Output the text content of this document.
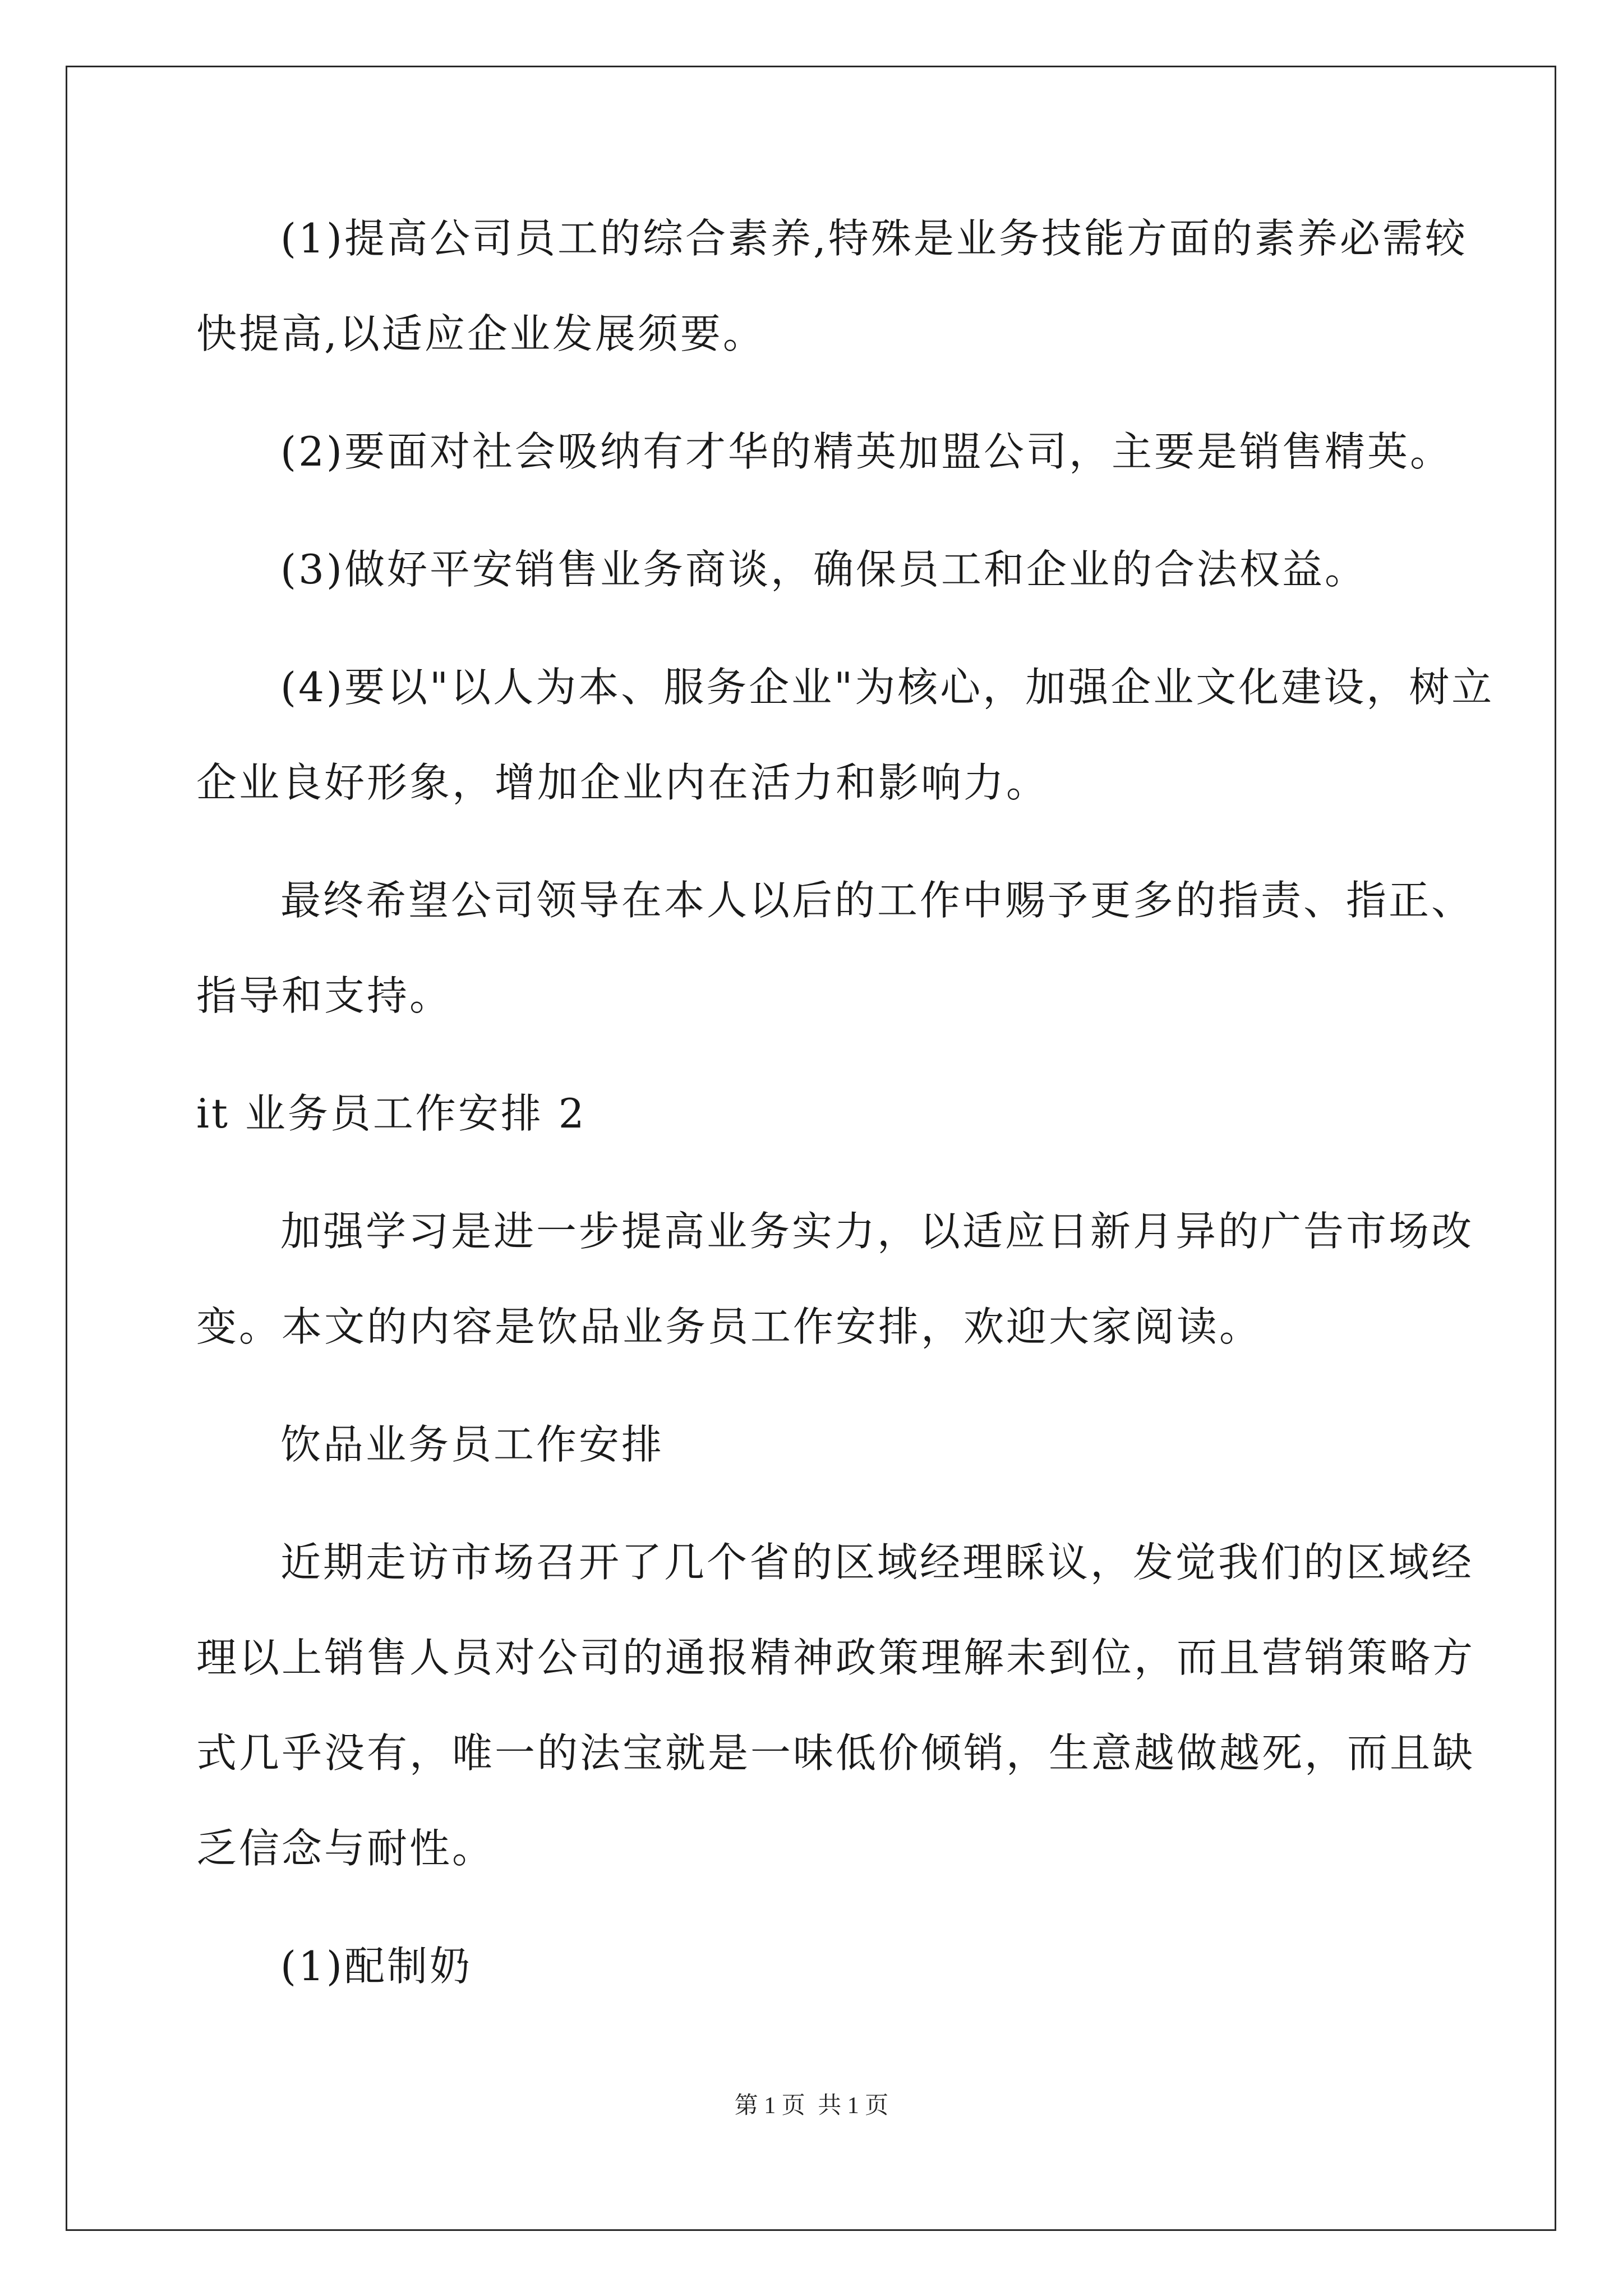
(1)提高公司员工的综合素养,特殊是业务技能方面的素养必需较
快提高,以适应企业发展须要。
(2)要面对社会吸纳有才华的精英加盟公司，主要是销售精英。
(3)做好平安销售业务商谈，确保员工和企业的合法权益。
(4)要以"以人为本、服务企业"为核心，加强企业文化建设，树立
企业良好形象，增加企业内在活力和影响力。
最终希望公司领导在本人以后的工作中赐予更多的指责、指正、
指导和支持。
it 业务员工作安排 2
加强学习是进一步提高业务实力，以适应日新月异的广告市场改
变。本文的内容是饮品业务员工作安排，欢迎大家阅读。
饮品业务员工作安排
近期走访市场召开了几个省的区域经理睬议，发觉我们的区域经
理以上销售人员对公司的通报精神政策理解未到位，而且营销策略方
式几乎没有，唯一的法宝就是一味低价倾销，生意越做越死，而且缺
乏信念与耐性。
(1)配制奶
第 1 页 共 1 页
